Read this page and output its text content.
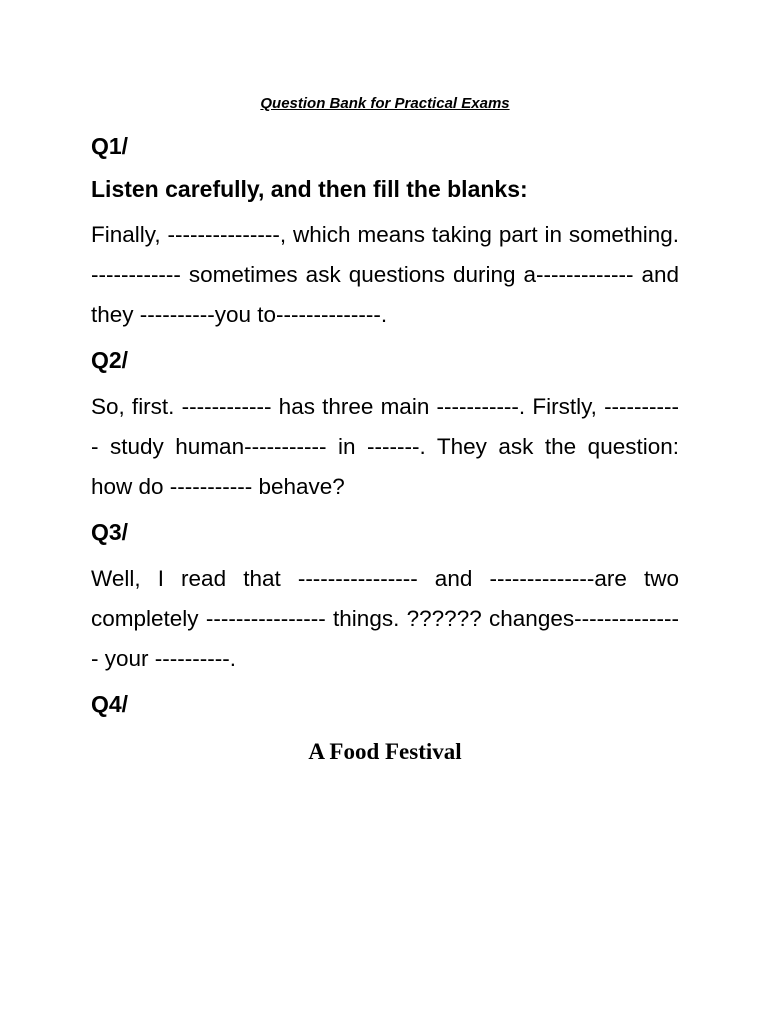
Question Bank for Practical Exams
Q1/
Listen carefully, and then fill the blanks:
Finally, ---------------, which means taking part in something. ------------ sometimes ask questions during a------------- and they ----------you to--------------.
Q2/
So, first. ------------ has three main -----------. Firstly, ----------- study human----------- in -------. They ask the question: how do ----------- behave?
Q3/
Well, I read that ---------------- and --------------are two completely ---------------- things. ?????? changes--------------- your ----------.
Q4/
A Food Festival
